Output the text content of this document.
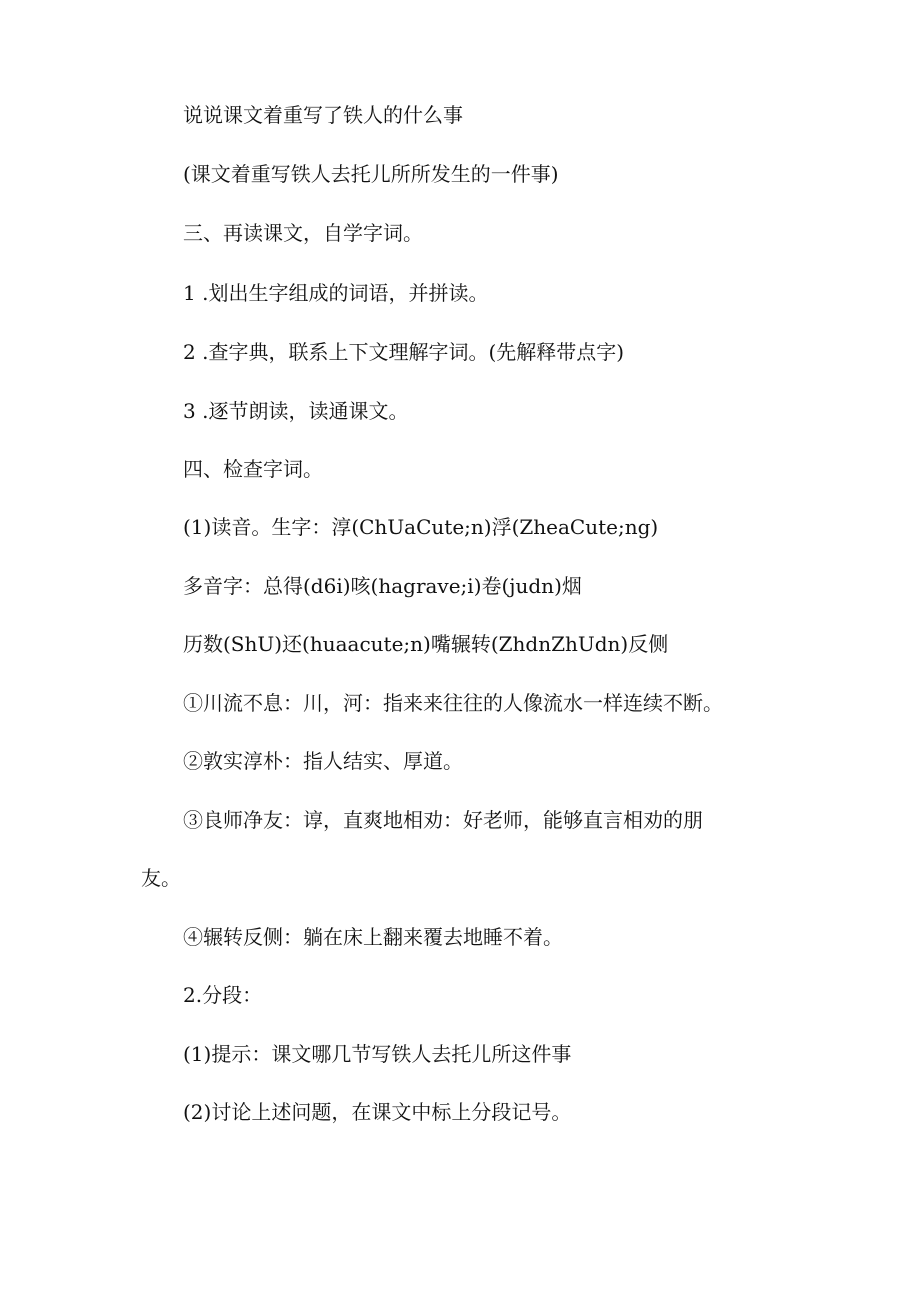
说说课文着重写了铁人的什么事

(课文着重写铁人去托儿所所发生的一件事)

三、再读课文，自学字词。

1 .划出生字组成的词语，并拼读。

2 .查字典，联系上下文理解字词。(先解释带点字)

3 .逐节朗读，读通课文。

四、检查字词。

(1)读音。生字：淳(ChUaCute;n)浮(ZheaCute;ng)

多音字：总得(d6i)咳(hagrave;i)卷(judn)烟

历数(ShU)还(huaacute;n)嘴辗转(ZhdnZhUdn)反侧

①川流不息：川，河：指来来往往的人像流水一样连续不断。

②敦实淳朴：指人结实、厚道。

③良师净友：谆，直爽地相劝：好老师，能够直言相劝的朋

友。

④辗转反侧：躺在床上翻来覆去地睡不着。

2.分段：

(1)提示：课文哪几节写铁人去托儿所这件事

(2)讨论上述问题，在课文中标上分段记号。
